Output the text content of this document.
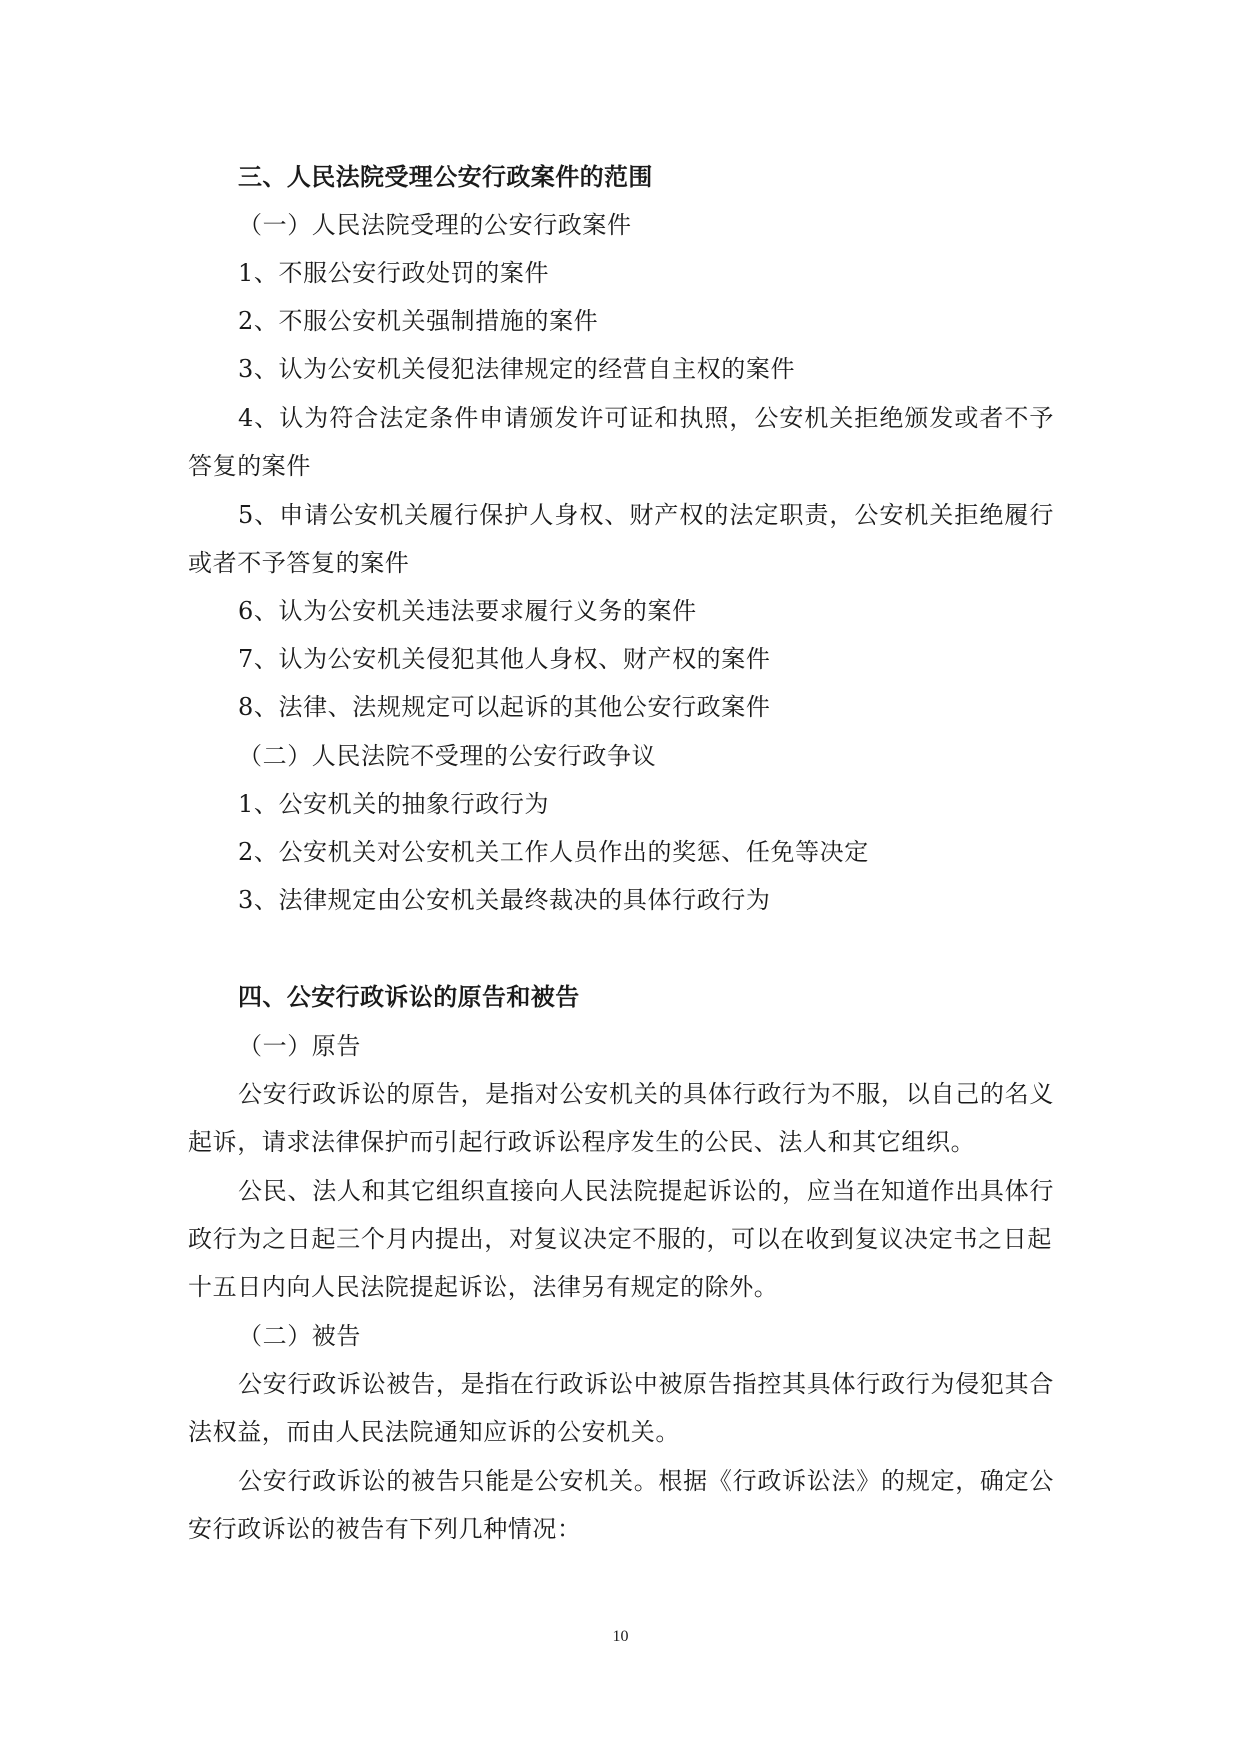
三、人民法院受理公安行政案件的范围
（一）人民法院受理的公安行政案件
1、不服公安行政处罚的案件
2、不服公安机关强制措施的案件
3、认为公安机关侵犯法律规定的经营自主权的案件
4、认为符合法定条件申请颁发许可证和执照，公安机关拒绝颁发或者不予
答复的案件
5、申请公安机关履行保护人身权、财产权的法定职责，公安机关拒绝履行
或者不予答复的案件
6、认为公安机关违法要求履行义务的案件
7、认为公安机关侵犯其他人身权、财产权的案件
8、法律、法规规定可以起诉的其他公安行政案件
（二）人民法院不受理的公安行政争议
1、公安机关的抽象行政行为
2、公安机关对公安机关工作人员作出的奖惩、任免等决定
3、法律规定由公安机关最终裁决的具体行政行为
四、公安行政诉讼的原告和被告
（一）原告
公安行政诉讼的原告，是指对公安机关的具体行政行为不服，以自己的名义
起诉，请求法律保护而引起行政诉讼程序发生的公民、法人和其它组织。
公民、法人和其它组织直接向人民法院提起诉讼的，应当在知道作出具体行
政行为之日起三个月内提出，对复议决定不服的，可以在收到复议决定书之日起
十五日内向人民法院提起诉讼，法律另有规定的除外。
（二）被告
公安行政诉讼被告，是指在行政诉讼中被原告指控其具体行政行为侵犯其合
法权益，而由人民法院通知应诉的公安机关。
公安行政诉讼的被告只能是公安机关。根据《行政诉讼法》的规定，确定公
安行政诉讼的被告有下列几种情况：
10
